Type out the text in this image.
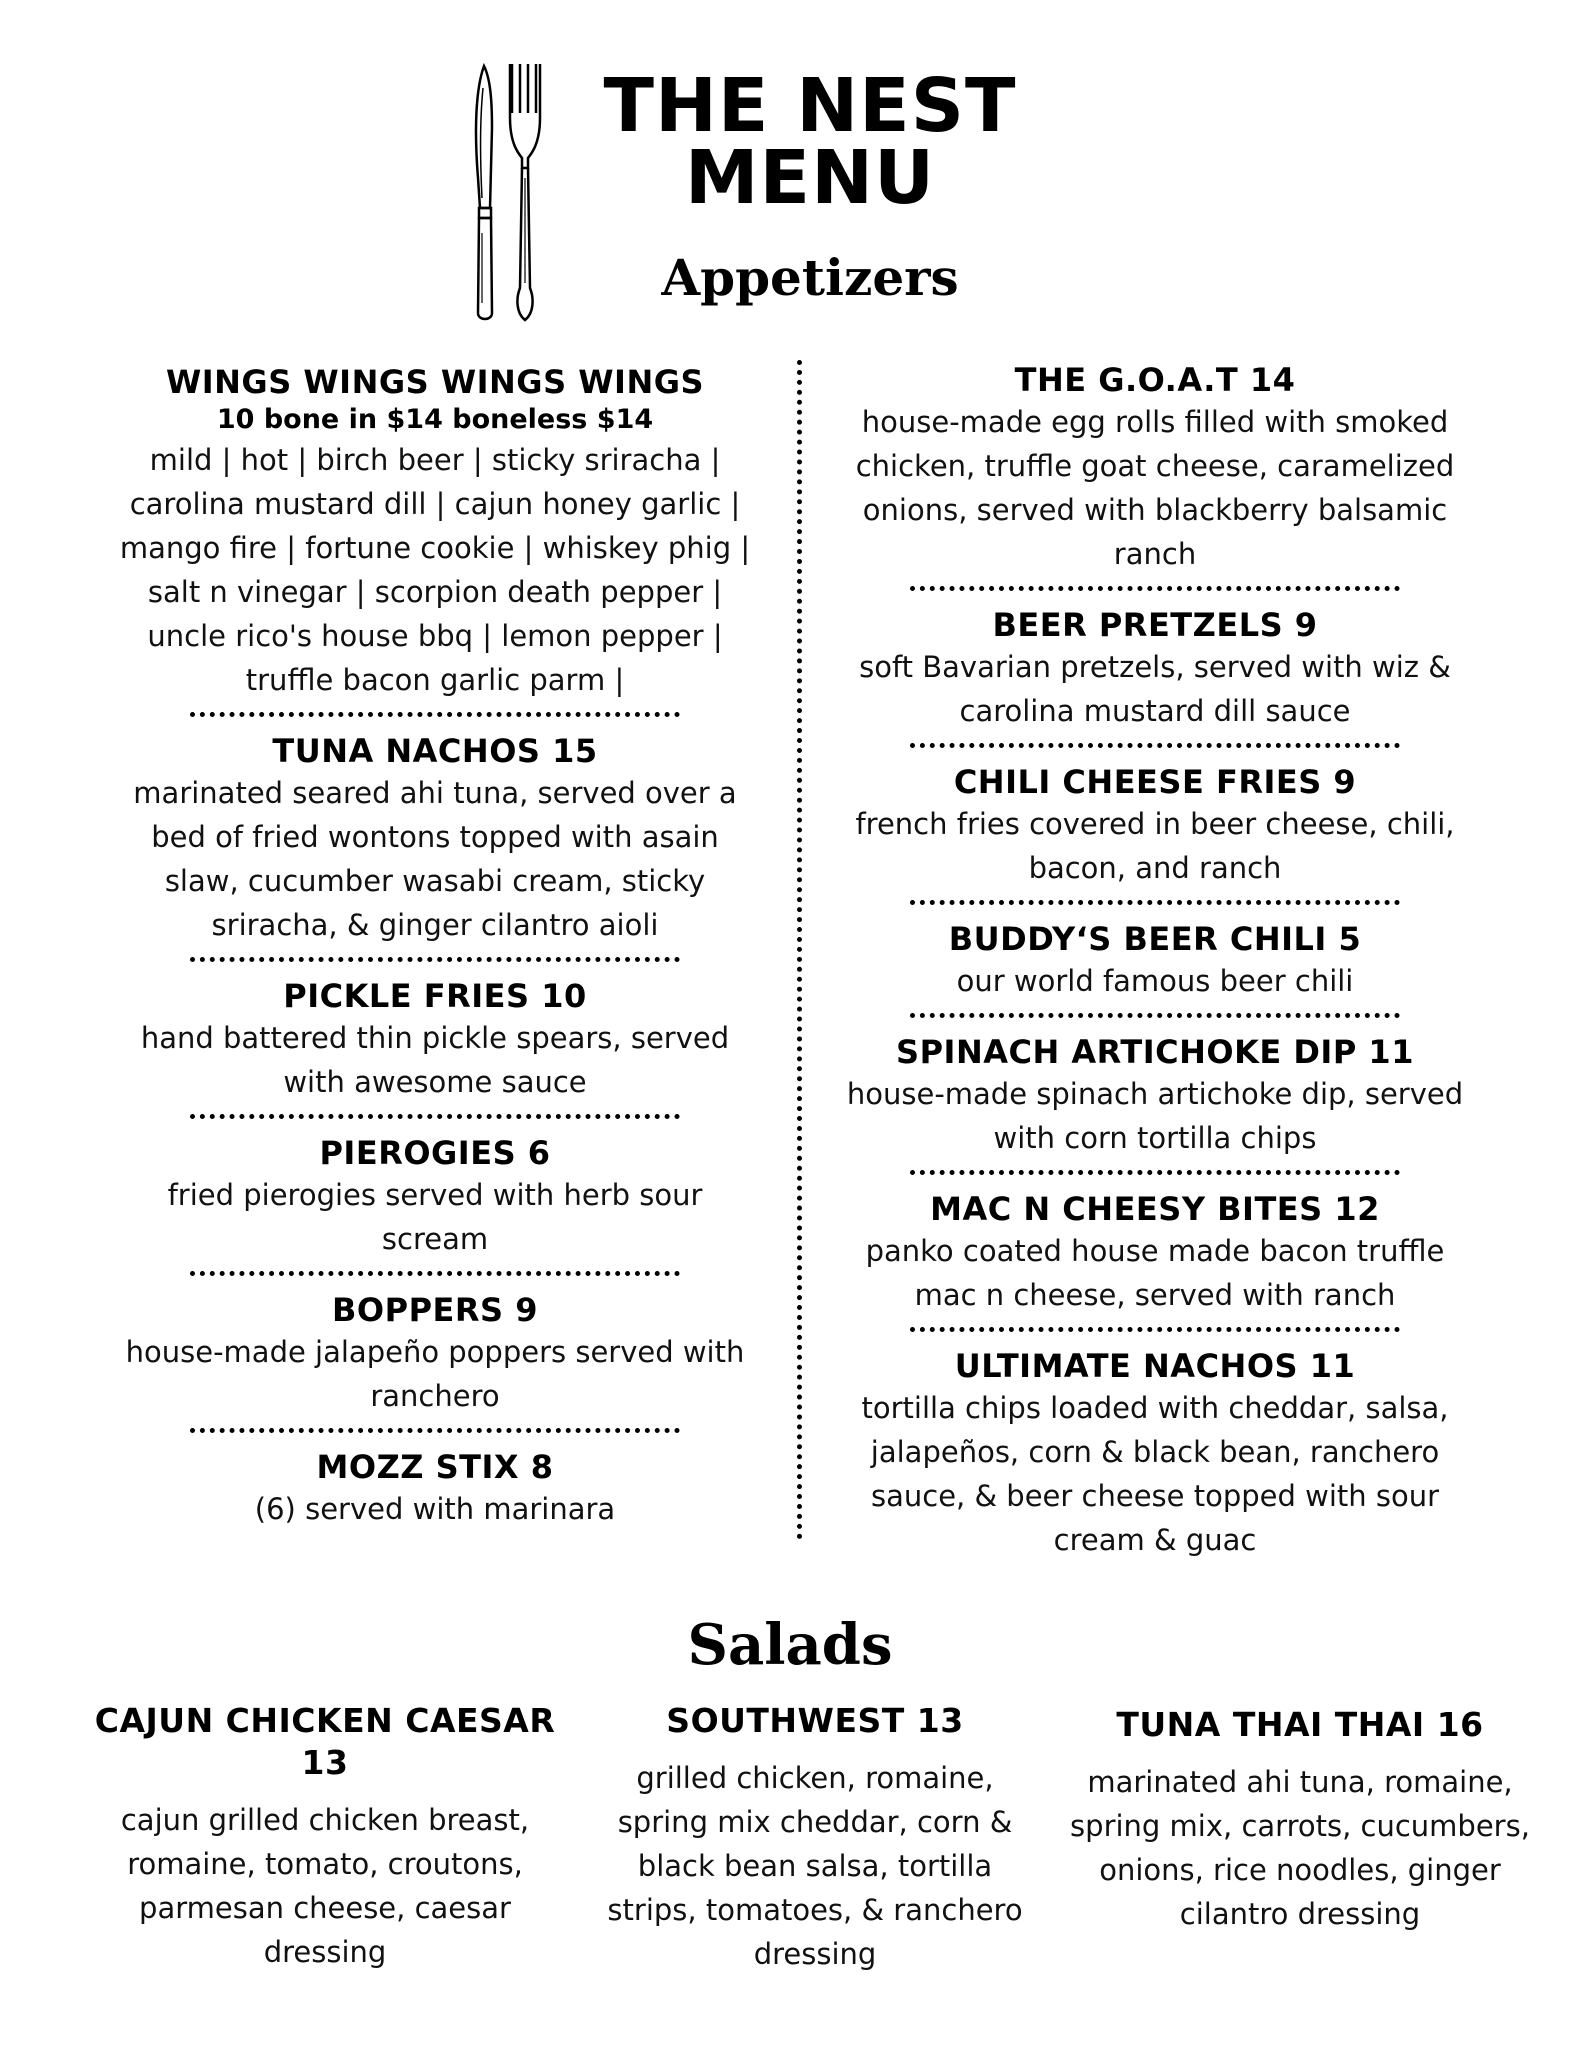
THE NEST
MENU
Appetizers
WINGS WINGS WINGS WINGS
10 bone in $14 boneless $14
mild | hot | birch beer | sticky sriracha | carolina mustard dill | cajun honey garlic | mango fire | fortune cookie | whiskey phig | salt n vinegar | scorpion death pepper | uncle rico's house bbq | lemon pepper | truffle bacon garlic parm |
TUNA NACHOS 15
marinated seared ahi tuna, served over a bed of fried wontons topped with asain slaw, cucumber wasabi cream, sticky sriracha, & ginger cilantro aioli
PICKLE FRIES 10
hand battered thin pickle spears, served with awesome sauce
PIEROGIES 6
fried pierogies served with herb sour scream
BOPPERS 9
house-made jalapeño poppers served with ranchero
MOZZ STIX 8
(6) served with marinara
THE G.O.A.T 14
house-made egg rolls filled with smoked chicken, truffle goat cheese, caramelized onions, served with blackberry balsamic ranch
BEER PRETZELS 9
soft Bavarian pretzels, served with wiz & carolina mustard dill sauce
CHILI CHEESE FRIES 9
french fries covered in beer cheese, chili, bacon, and ranch
BUDDY‘S BEER CHILI 5
our world famous beer chili
SPINACH ARTICHOKE DIP 11
house-made spinach artichoke dip, served with corn tortilla chips
MAC N CHEESY BITES 12
panko coated house made bacon truffle mac n cheese, served with ranch
ULTIMATE NACHOS 11
tortilla chips loaded with cheddar, salsa, jalapeños, corn & black bean, ranchero sauce, & beer cheese topped with sour cream & guac
Salads
CAJUN CHICKEN CAESAR 13
cajun grilled chicken breast, romaine, tomato, croutons, parmesan cheese, caesar dressing
SOUTHWEST 13
grilled chicken, romaine, spring mix cheddar, corn & black bean salsa, tortilla strips, tomatoes, & ranchero dressing
TUNA THAI THAI 16
marinated ahi tuna, romaine, spring mix, carrots, cucumbers, onions, rice noodles, ginger cilantro dressing
